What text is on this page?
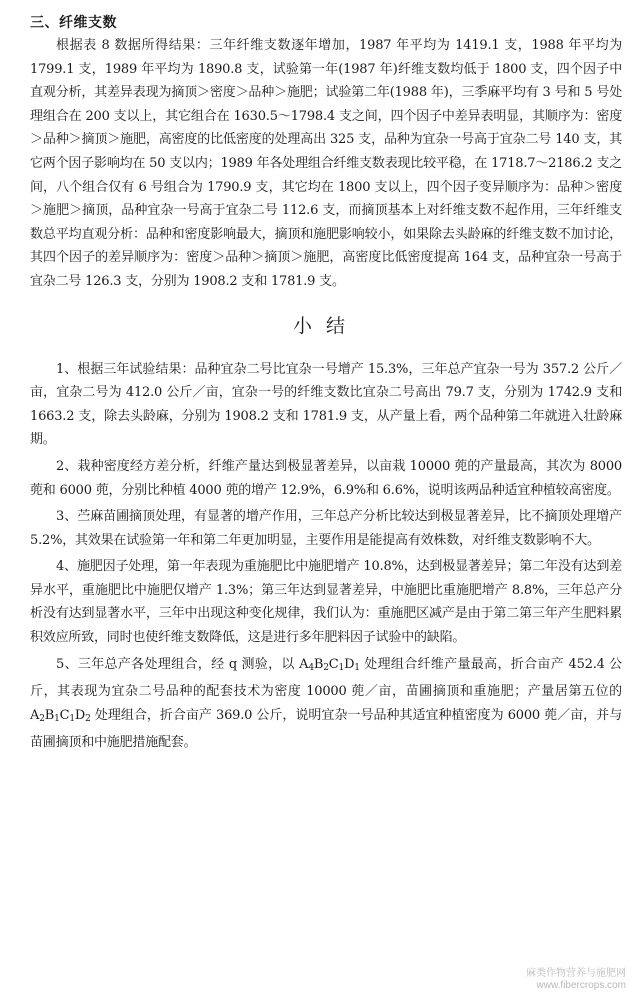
三、纤维支数

根据表 8 数据所得结果：三年纤维支数逐年增加，1987 年平均为 1419.1 支，1988 年平均为 1799.1 支，1989 年平均为 1890.8 支，试验第一年(1987 年)纤维支数均低于 1800 支，四个因子中直观分析，其差异表现为摘顶＞密度＞品种＞施肥；试验第二年(1988 年)，三季麻平均有 3 号和 5 号处理组合在 200 支以上，其它组合在 1630.5～1798.4 支之间，四个因子中差异表明显，其顺序为：密度＞品种＞摘顶＞施肥，高密度的比低密度的处理高出 325 支，品种为宜杂一号高于宜杂二号 140 支，其它两个因子影响均在 50 支以内；1989 年各处理组合纤维支数表现比较平稳，在 1718.7～2186.2 支之间，八个组合仅有 6 号组合为 1790.9 支，其它均在 1800 支以上，四个因子变异顺序为：品种＞密度＞施肥＞摘顶，品种宜杂一号高于宜杂二号 112.6 支，而摘顶基本上对纤维支数不起作用，三年纤维支数总平均直观分析：品种和密度影响最大，摘顶和施肥影响较小，如果除去头龄麻的纤维支数不加讨论，其四个因子的差异顺序为：密度＞品种＞摘顶＞施肥，高密度比低密度提高 164 支，品种宜杂一号高于宜杂二号 126.3 支，分别为 1908.2 支和 1781.9 支。

小结

1、根据三年试验结果：品种宜杂二号比宜杂一号增产 15.3%，三年总产宜杂一号为 357.2 公斤／亩，宜杂二号为 412.0 公斤／亩，宜杂一号的纤维支数比宜杂二号高出 79.7 支，分别为 1742.9 支和 1663.2 支，除去头龄麻，分别为 1908.2 支和 1781.9 支，从产量上看，两个品种第二年就进入壮龄麻期。

2、栽种密度经方差分析，纤维产量达到极显著差异，以亩栽 10000 蔸的产量最高，其次为 8000 蔸和 6000 蔸，分别比种植 4000 蔸的增产 12.9%，6.9%和 6.6%，说明该两品种适宜种植较高密度。

3、苎麻苗圃摘顶处理，有显著的增产作用，三年总产分析比较达到极显著差异，比不摘顶处理增产 5.2%，其效果在试验第一年和第二年更加明显，主要作用是能提高有效株数，对纤维支数影响不大。

4、施肥因子处理，第一年表现为重施肥比中施肥增产 10.8%，达到极显著差异；第二年没有达到差异水平，重施肥比中施肥仅增产 1.3%；第三年达到显著差异，中施肥比重施肥增产 8.8%，三年总产分析没有达到显著水平，三年中出现这种变化规律，我们认为：重施肥区减产是由于第二第三年产生肥料累积效应所致，同时也使纤维支数降低，这是进行多年肥料因子试验中的缺陷。

5、三年总产各处理组合，经 q 测验，以 $A_4B_2C_1D_1$ 处理组合纤维产量最高，折合亩产 452.4 公斤，其表现为宜杂二号品种的配套技术为密度 10000 蔸／亩，苗圃摘顶和重施肥；产量居第五位的 $A_2B_1C_1D_2$ 处理组合，折合亩产 369.0 公斤，说明宜杂一号品种其适宜种植密度为 6000 蔸／亩，并与苗圃摘顶和中施肥措施配套。

麻类作物营养与施肥网
www.fibercrops.com
